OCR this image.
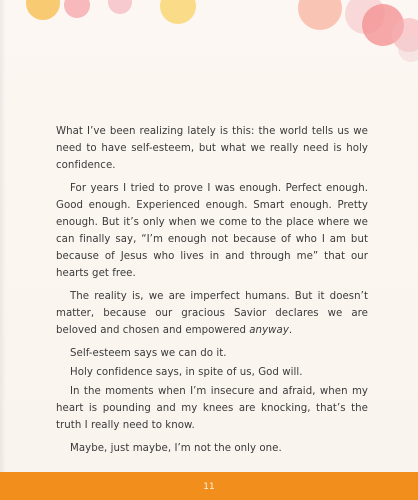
What I’ve been realizing lately is this: the world tells us we need to have self-esteem, but what we really need is holy confidence.

For years I tried to prove I was enough. Perfect enough. Good enough. Experienced enough. Smart enough. Pretty enough. But it’s only when we come to the place where we can finally say, “I’m enough not because of who I am but because of Jesus who lives in and through me” that our hearts get free.

The reality is, we are imperfect humans. But it doesn’t matter, because our gracious Savior declares we are beloved and chosen and empowered anyway.

Self-esteem says we can do it.

Holy confidence says, in spite of us, God will.

In the moments when I’m insecure and afraid, when my heart is pounding and my knees are knocking, that’s the truth I really need to know.

Maybe, just maybe, I’m not the only one.

11
